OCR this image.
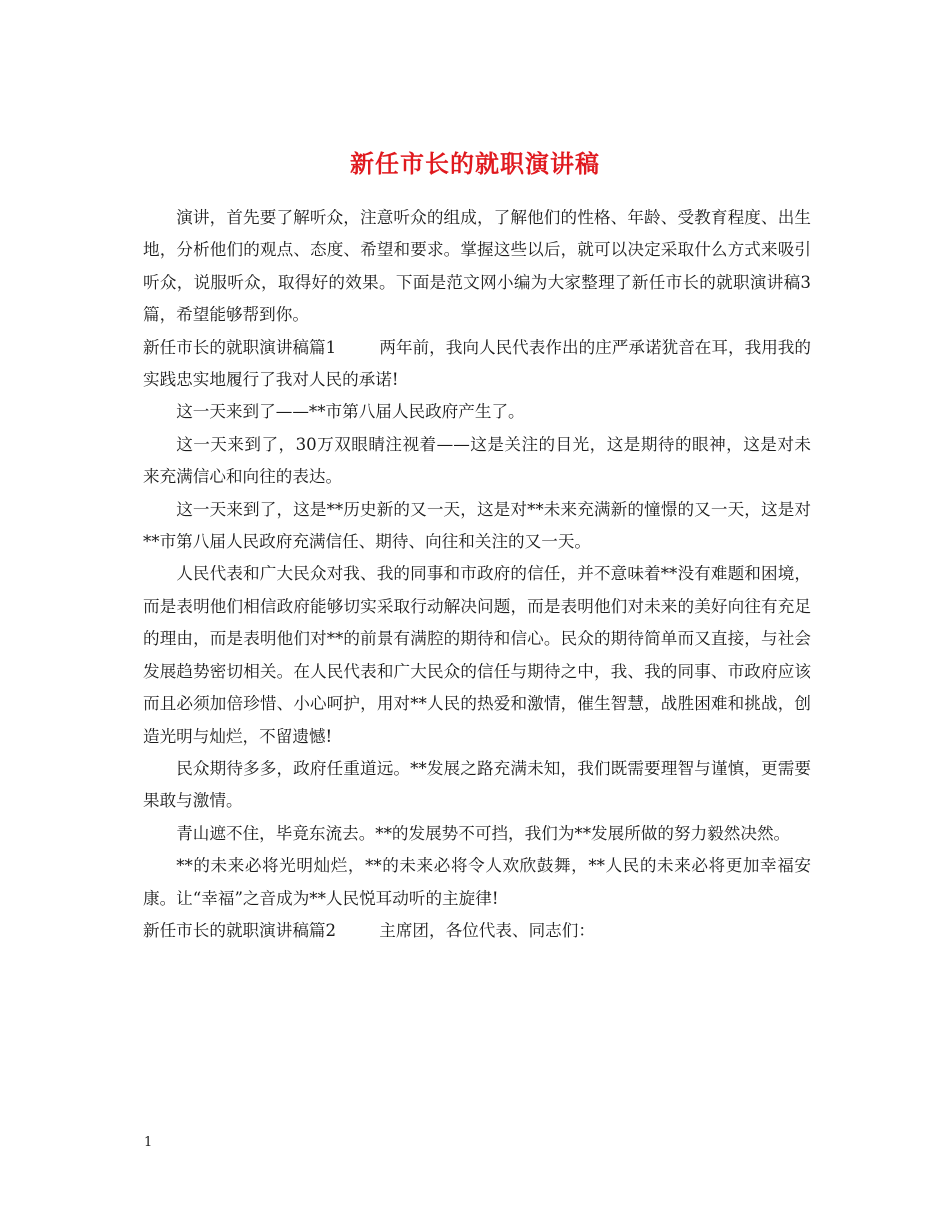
新任市长的就职演讲稿

演讲，首先要了解听众，注意听众的组成，了解他们的性格、年龄、受教育程度、出生地，分析他们的观点、态度、希望和要求。掌握这些以后，就可以决定采取什么方式来吸引听众，说服听众，取得好的效果。下面是范文网小编为大家整理了新任市长的就职演讲稿3篇，希望能够帮到你。

新任市长的就职演讲稿篇1	两年前，我向人民代表作出的庄严承诺犹音在耳，我用我的实践忠实地履行了我对人民的承诺!

这一天来到了——**市第八届人民政府产生了。

这一天来到了，30万双眼睛注视着——这是关注的目光，这是期待的眼神，这是对未来充满信心和向往的表达。

这一天来到了，这是**历史新的又一天，这是对**未来充满新的憧憬的又一天，这是对**市第八届人民政府充满信任、期待、向往和关注的又一天。

人民代表和广大民众对我、我的同事和市政府的信任，并不意味着**没有难题和困境，而是表明他们相信政府能够切实采取行动解决问题，而是表明他们对未来的美好向往有充足的理由，而是表明他们对**的前景有满腔的期待和信心。民众的期待简单而又直接，与社会发展趋势密切相关。在人民代表和广大民众的信任与期待之中，我、我的同事、市政府应该而且必须加倍珍惜、小心呵护，用对**人民的热爱和激情，催生智慧，战胜困难和挑战，创造光明与灿烂，不留遗憾!

民众期待多多，政府任重道远。**发展之路充满未知，我们既需要理智与谨慎，更需要果敢与激情。

青山遮不住，毕竟东流去。**的发展势不可挡，我们为**发展所做的努力毅然决然。

**的未来必将光明灿烂，**的未来必将令人欢欣鼓舞，**人民的未来必将更加幸福安康。让“幸福”之音成为**人民悦耳动听的主旋律!

新任市长的就职演讲稿篇2	主席团，各位代表、同志们：

1
